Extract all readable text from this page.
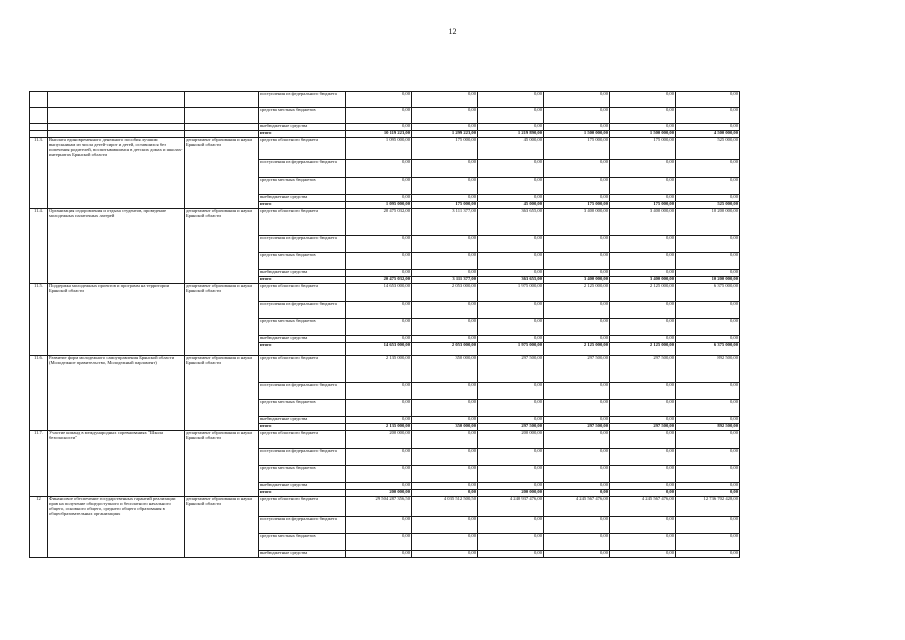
12
			поступления из федерального бюджета	0,00	0,00	0,00	0,00	0,00	0,00
			средства местных бюджетов	0,00	0,00	0,00	0,00	0,00	0,00
			внебюджетные средства	0,00	0,00	0,00	0,00	0,00	0,00
			итого	10 119 223,00	1 299 223,00	1 219 890,00	1 500 000,00	1 500 000,00	4 500 000,00
11.3.	Выплата единовременного денежного пособия лучшим выпускникам из числа детей-сирот и детей, оставшихся без попечения родителей, воспитывавшимся в детских домах и школах-интернатах Брянской области	департамент образования и науки Брянской области	средства областного бюджета	1 095 000,00	175 000,00	45 000,00	175 000,00	175 000,00	525 000,00
			поступления из федерального бюджета	0,00	0,00	0,00	0,00	0,00	0,00
			средства местных бюджетов	0,00	0,00	0,00	0,00	0,00	0,00
			внебюджетные средства	0,00	0,00	0,00	0,00	0,00	0,00
			итого	1 095 000,00	175 000,00	45 000,00	175 000,00	175 000,00	525 000,00
11.4.	Организация оздоровления и отдыха студентов, проведение молодежных палаточных лагерей	департамент образования и науки Брянской области	средства областного бюджета	20 475 032,00	3 111 377,00	363 655,00	3 400 000,00	3 400 000,00	10 200 000,00
			поступления из федерального бюджета	0,00	0,00	0,00	0,00	0,00	0,00
			средства местных бюджетов	0,00	0,00	0,00	0,00	0,00	0,00
			внебюджетные средства	0,00	0,00	0,00	0,00	0,00	0,00
			итого	20 475 032,00	3 111 377,00	363 655,00	3 400 000,00	3 400 000,00	10 200 000,00
11.5.	Поддержка молодежных проектов и программ на территории Брянской области	департамент образования и науки Брянской области	средства областного бюджета	14 653 000,00	2 053 000,00	1 975 000,00	2 125 000,00	2 125 000,00	6 375 000,00
			поступления из федерального бюджета	0,00	0,00	0,00	0,00	0,00	0,00
			средства местных бюджетов	0,00	0,00	0,00	0,00	0,00	0,00
			внебюджетные средства	0,00	0,00	0,00	0,00	0,00	0,00
			итого	14 653 000,00	2 053 000,00	1 975 000,00	2 125 000,00	2 125 000,00	6 375 000,00
11.6.	Развитие форм молодежного самоуправления Брянской области (Молодежное правительство, Молодежный парламент)	департамент образования и науки Брянской области	средства областного бюджета	2 135 000,00	350 000,00	297 500,00	297 500,00	297 500,00	892 500,00
			поступления из федерального бюджета	0,00	0,00	0,00	0,00	0,00	0,00
			средства местных бюджетов	0,00	0,00	0,00	0,00	0,00	0,00
			внебюджетные средства	0,00	0,00	0,00	0,00	0,00	0,00
			итого	2 135 000,00	350 000,00	297 500,00	297 500,00	297 500,00	892 500,00
11.7.	Участие команд в международных соревнованиях "Школа безопасности"	департамент образования и науки Брянской области	средства областного бюджета	200 000,00	0,00	200 000,00	0,00	0,00	0,00
			поступления из федерального бюджета	0,00	0,00	0,00	0,00	0,00	0,00
			средства местных бюджетов	0,00	0,00	0,00	0,00	0,00	0,00
			внебюджетные средства	0,00	0,00	0,00	0,00	0,00	0,00
			итого	200 000,00	0,00	200 000,00	0,00	0,00	0,00
12	Финансовое обеспечение государственных гарантий реализации прав на получение общедоступного и бесплатного начального общего, основного общего, среднего общего образования в общеобразовательных организациях	департамент образования и науки Брянской области	средства областного бюджета	29 504 287 356,50	4 035 512 500,50	4 240 937 476,00	4 245 567 476,00	4 245 567 476,00	12 736 702 428,00
			поступления из федерального бюджета	0,00	0,00	0,00	0,00	0,00	0,00
			средства местных бюджетов	0,00	0,00	0,00	0,00	0,00	0,00
			внебюджетные средства	0,00	0,00	0,00	0,00	0,00	0,00
